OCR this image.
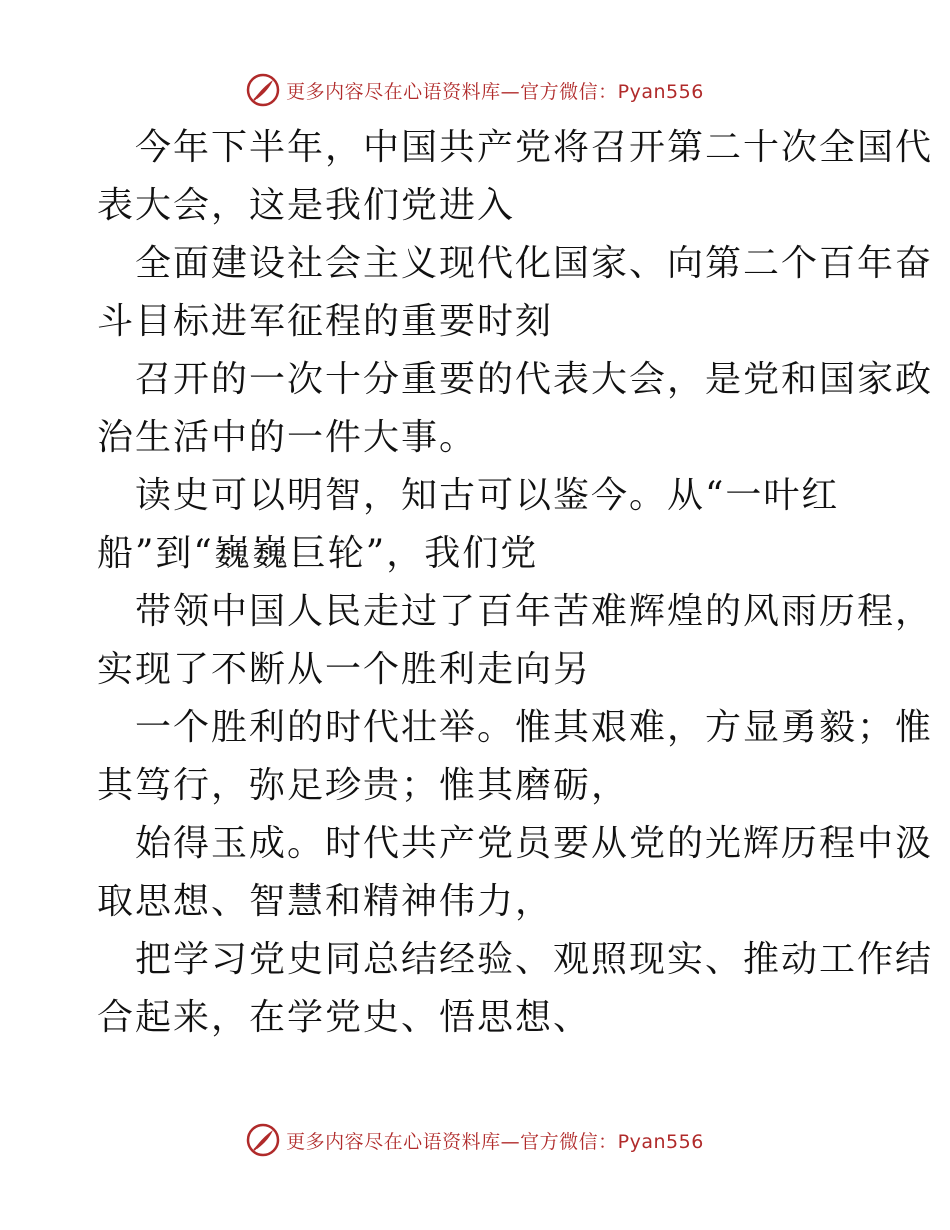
更多内容尽在心语资料库—官方微信：Pyan556

今年下半年，中国共产党将召开第二十次全国代
表大会，这是我们党进入

全面建设社会主义现代化国家、向第二个百年奋
斗目标进军征程的重要时刻

召开的一次十分重要的代表大会，是党和国家政
治生活中的一件大事。

读史可以明智，知古可以鉴今。从“一叶红
船”到“巍巍巨轮”，我们党

带领中国人民走过了百年苦难辉煌的风雨历程，
实现了不断从一个胜利走向另

一个胜利的时代壮举。惟其艰难，方显勇毅；惟
其笃行，弥足珍贵；惟其磨砺，

始得玉成。时代共产党员要从党的光辉历程中汲
取思想、智慧和精神伟力，

把学习党史同总结经验、观照现实、推动工作结
合起来，在学党史、悟思想、

更多内容尽在心语资料库—官方微信：Pyan556
